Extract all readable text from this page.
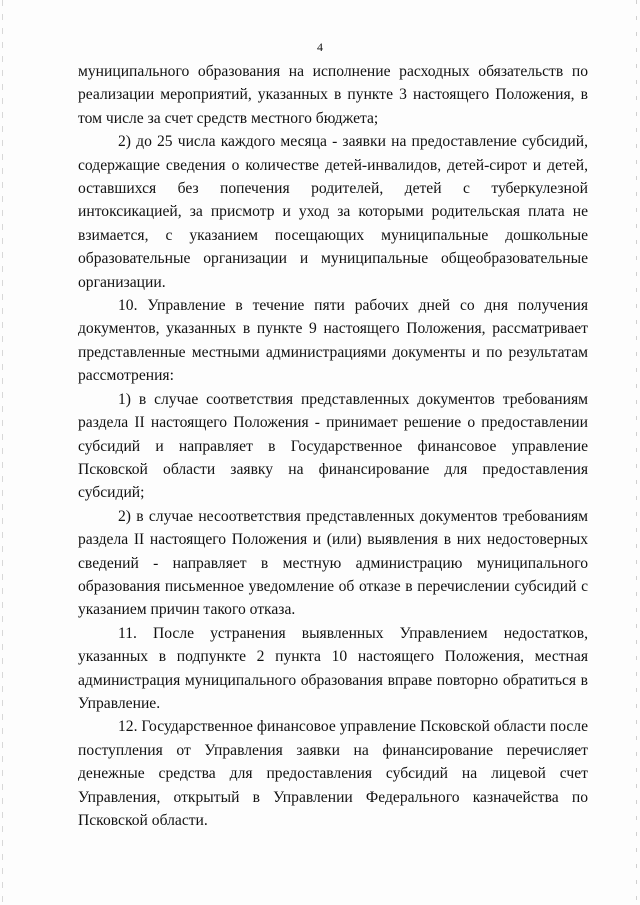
4

муниципального образования на исполнение расходных обязательств по реализации мероприятий, указанных в пункте 3 настоящего Положения, в том числе за счет средств местного бюджета;

2) до 25 числа каждого месяца - заявки на предоставление субсидий, содержащие сведения о количестве детей-инвалидов, детей-сирот и детей, оставшихся без попечения родителей, детей с туберкулезной интоксикацией, за присмотр и уход за которыми родительская плата не взимается, с указанием посещающих муниципальные дошкольные образовательные организации и муниципальные общеобразовательные организации.

10. Управление в течение пяти рабочих дней со дня получения документов, указанных в пункте 9 настоящего Положения, рассматривает представленные местными администрациями документы и по результатам рассмотрения:

1) в случае соответствия представленных документов требованиям раздела II настоящего Положения - принимает решение о предоставлении субсидий и направляет в Государственное финансовое управление Псковской области заявку на финансирование для предоставления субсидий;

2) в случае несоответствия представленных документов требованиям раздела II настоящего Положения и (или) выявления в них недостоверных сведений - направляет в местную администрацию муниципального образования письменное уведомление об отказе в перечислении субсидий с указанием причин такого отказа.

11. После устранения выявленных Управлением недостатков, указанных в подпункте 2 пункта 10 настоящего Положения, местная администрация муниципального образования вправе повторно обратиться в Управление.

12. Государственное финансовое управление Псковской области после поступления от Управления заявки на финансирование перечисляет денежные средства для предоставления субсидий на лицевой счет Управления, открытый в Управлении Федерального казначейства по Псковской области.
